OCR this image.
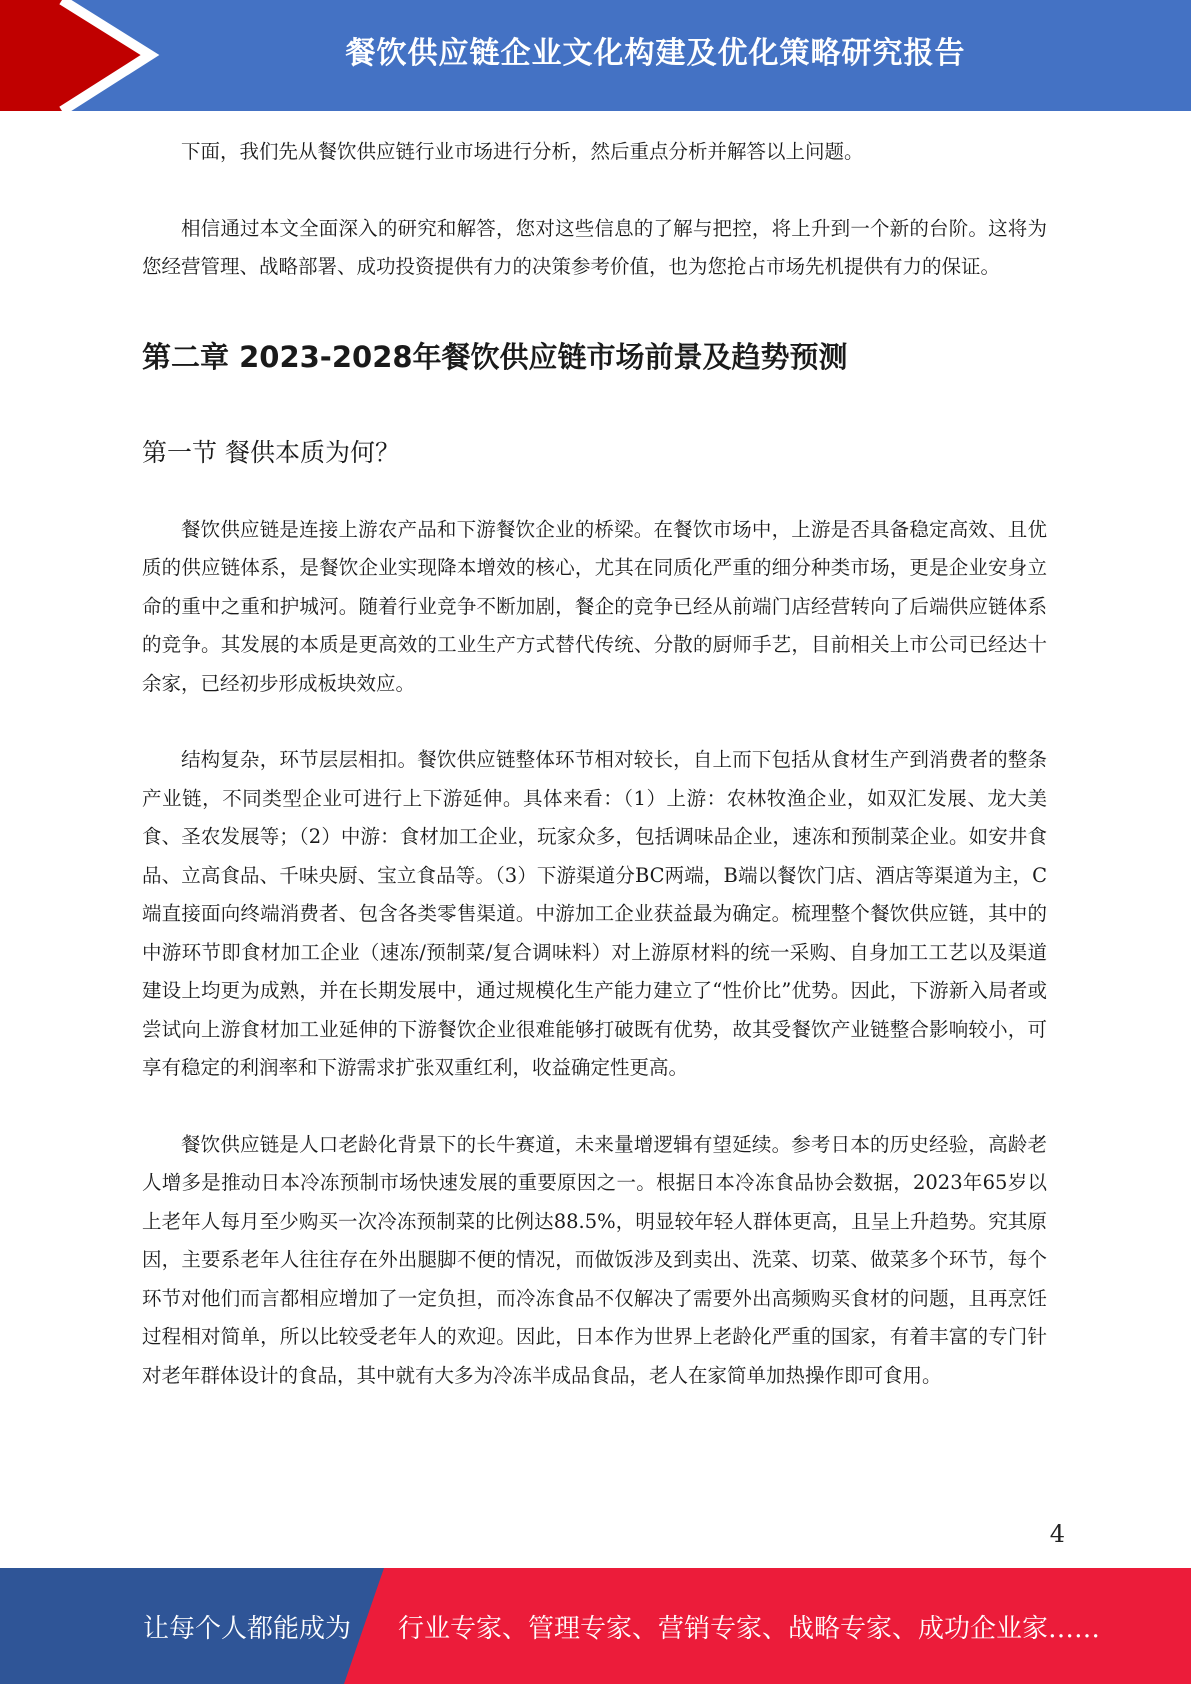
餐饮供应链企业文化构建及优化策略研究报告

下面，我们先从餐饮供应链行业市场进行分析，然后重点分析并解答以上问题。

相信通过本文全面深入的研究和解答，您对这些信息的了解与把控，将上升到一个新的台阶。这将为您经营管理、战略部署、成功投资提供有力的决策参考价值，也为您抢占市场先机提供有力的保证。

第二章 2023-2028年餐饮供应链市场前景及趋势预测
第一节 餐供本质为何？

餐饮供应链是连接上游农产品和下游餐饮企业的桥梁。在餐饮市场中，上游是否具备稳定高效、且优质的供应链体系，是餐饮企业实现降本增效的核心，尤其在同质化严重的细分种类市场，更是企业安身立命的重中之重和护城河。随着行业竞争不断加剧，餐企的竞争已经从前端门店经营转向了后端供应链体系的竞争。其发展的本质是更高效的工业生产方式替代传统、分散的厨师手艺，目前相关上市公司已经达十余家，已经初步形成板块效应。

结构复杂，环节层层相扣。餐饮供应链整体环节相对较长，自上而下包括从食材生产到消费者的整条产业链，不同类型企业可进行上下游延伸。具体来看：（1）上游：农林牧渔企业，如双汇发展、龙大美食、圣农发展等；（2）中游：食材加工企业，玩家众多，包括调味品企业，速冻和预制菜企业。如安井食品、立高食品、千味央厨、宝立食品等。（3）下游渠道分BC两端，B端以餐饮门店、酒店等渠道为主，C端直接面向终端消费者、包含各类零售渠道。中游加工企业获益最为确定。梳理整个餐饮供应链，其中的中游环节即食材加工企业（速冻/预制菜/复合调味料）对上游原材料的统一采购、自身加工工艺以及渠道建设上均更为成熟，并在长期发展中，通过规模化生产能力建立了“性价比”优势。因此，下游新入局者或尝试向上游食材加工业延伸的下游餐饮企业很难能够打破既有优势，故其受餐饮产业链整合影响较小，可享有稳定的利润率和下游需求扩张双重红利，收益确定性更高。

餐饮供应链是人口老龄化背景下的长牛赛道，未来量增逻辑有望延续。参考日本的历史经验，高龄老人增多是推动日本冷冻预制市场快速发展的重要原因之一。根据日本冷冻食品协会数据，2023年65岁以上老年人每月至少购买一次冷冻预制菜的比例达88.5%，明显较年轻人群体更高，且呈上升趋势。究其原因，主要系老年人往往存在外出腿脚不便的情况，而做饭涉及到卖出、洗菜、切菜、做菜多个环节，每个环节对他们而言都相应增加了一定负担，而冷冻食品不仅解决了需要外出高频购买食材的问题，且再烹饪过程相对简单，所以比较受老年人的欢迎。因此，日本作为世界上老龄化严重的国家，有着丰富的专门针对老年群体设计的食品，其中就有大多为冷冻半成品食品，老人在家简单加热操作即可食用。

4
让每个人都能成为 行业专家、管理专家、营销专家、战略专家、成功企业家……
